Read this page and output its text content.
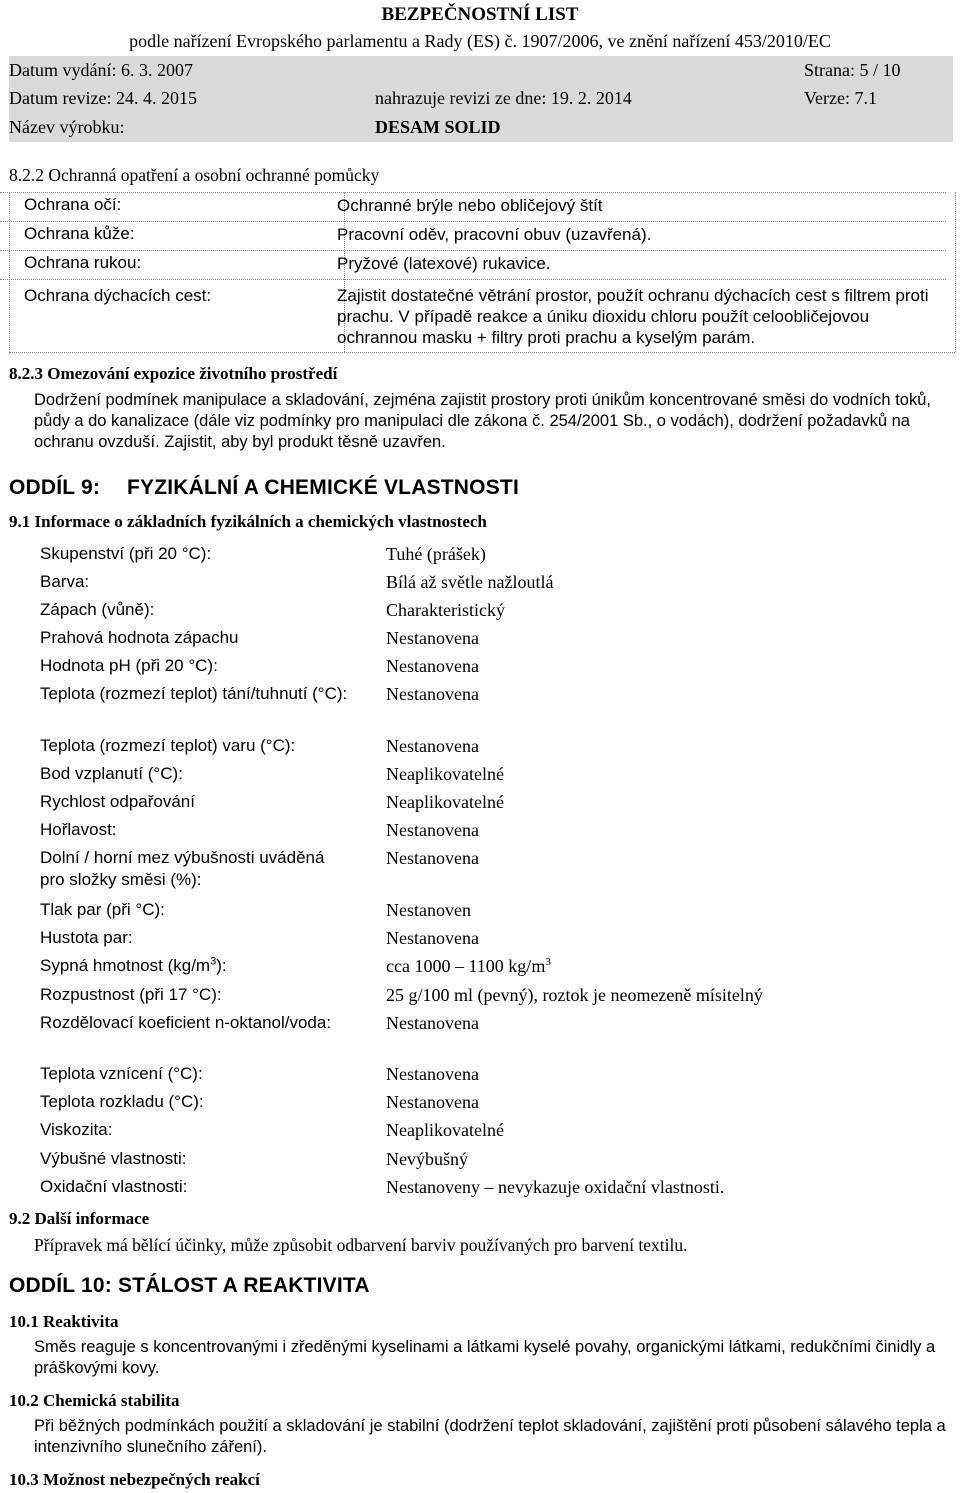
BEZPEČNOSTNÍ LIST
podle nařízení Evropského parlamentu a Rady (ES) č. 1907/2006, ve znění nařízení 453/2010/EC
Datum vydání: 6. 3. 2007	Strana: 5 / 10
Datum revize: 24. 4. 2015	nahrazuje revizi ze dne: 19. 2. 2014	Verze: 7.1
Název výrobku:	DESAM SOLID
8.2.2 Ochranná opatření a osobní ochranné pomůcky
Ochrana očí:	Ochranné brýle nebo obličejový štít
Ochrana kůže:	Pracovní oděv, pracovní obuv (uzavřená).
Ochrana rukou:	Pryžové (latexové) rukavice.
Ochrana dýchacích cest:	Zajistit dostatečné větrání prostor, použít ochranu dýchacích cest s filtrem proti prachu. V případě reakce a úniku dioxidu chloru použít celoobličejovou ochrannou masku + filtry proti prachu a kyselým parám.
8.2.3 Omezování expozice životního prostředí
Dodržení podmínek manipulace a skladování, zejména zajistit prostory proti únikům koncentrované směsi do vodních toků, půdy a do kanalizace (dále viz podmínky pro manipulaci dle zákona č. 254/2001 Sb., o vodách), dodržení požadavků na ochranu ovzduší. Zajistit, aby byl produkt těsně uzavřen.
ODDÍL 9: FYZIKÁLNÍ A CHEMICKÉ VLASTNOSTI
9.1 Informace o základních fyzikálních a chemických vlastnostech
Skupenství (při 20 °C):	Tuhé (prášek)
Barva:	Bílá až světle nažloutlá
Zápach (vůně):	Charakteristický
Prahová hodnota zápachu	Nestanovena
Hodnota pH (při 20 °C):	Nestanovena
Teplota (rozmezí teplot) tání/tuhnutí (°C): Nestanovena
Teplota (rozmezí teplot) varu (°C):	Nestanovena
Bod vzplanutí (°C):	Neaplikovatelné
Rychlost odpařování	Neaplikovatelné
Hořlavost:	Nestanovena
Dolní / horní mez výbušnosti uváděná pro složky směsi (%):
Nestanovena
Tlak par (při °C):	Nestanoven
Hustota par:	Nestanovena
Sypná hmotnost $(kg/m^3)$:	cca 1000 – 1100 $kg/m^3$
Rozpustnost (při 17 °C):	25 g/100 ml (pevný), roztok je neomezeně mísitelný
Rozdělovací koeficient n-oktanol/voda:	Nestanovena
Teplota vznícení (°C):	Nestanovena
Teplota rozkladu (°C):	Nestanovena
Viskozita:	Neaplikovatelné
Výbušné vlastnosti:	Nevýbušný
Oxidační vlastnosti:	Nestanoveny – nevykazuje oxidační vlastnosti.
9.2 Další informace
Přípravek má bělící účinky, může způsobit odbarvení barviv používaných pro barvení textilu.
ODDÍL 10: STÁLOST A REAKTIVITA
10.1 Reaktivita
Směs reaguje s koncentrovanými i zředěnými kyselinami a látkami kyselé povahy, organickými látkami, redukčními činidly a práškovými kovy.
10.2 Chemická stabilita
Při běžných podmínkách použití a skladování je stabilní (dodržení teplot skladování, zajištění proti působení sálavého tepla a intenzivního slunečního záření).
10.3 Možnost nebezpečných reakcí
